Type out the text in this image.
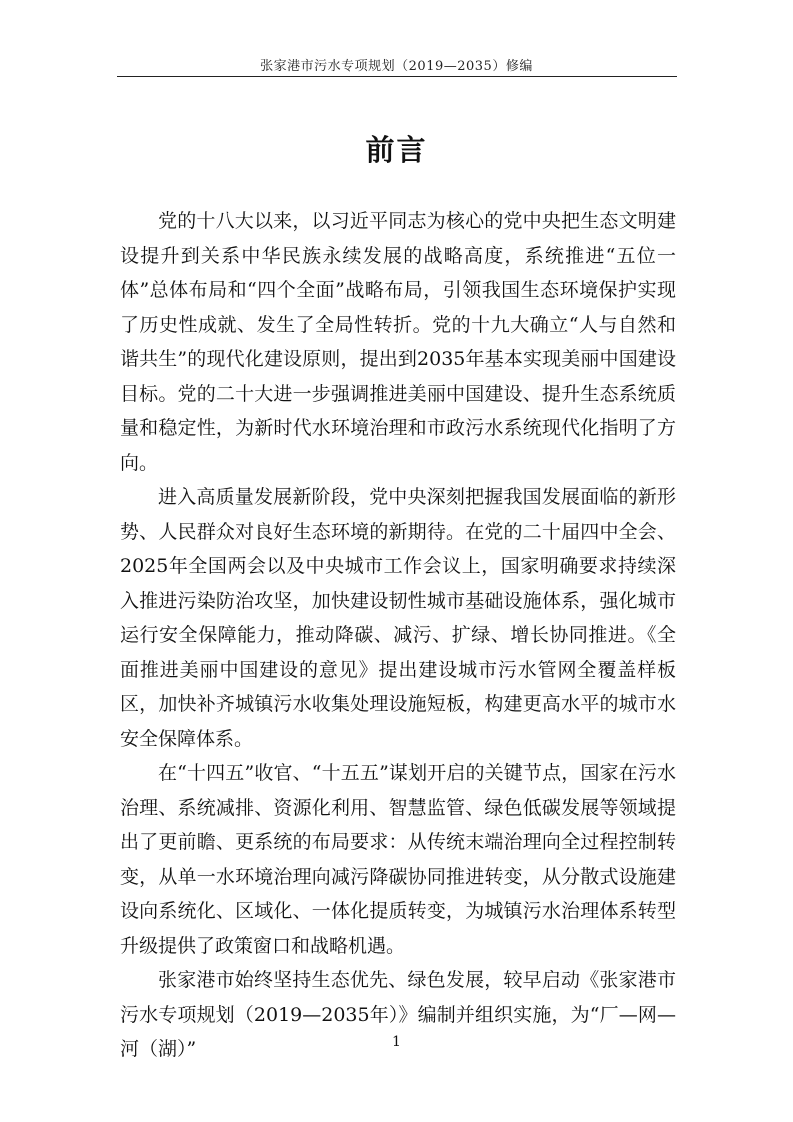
张家港市污水专项规划（2019—2035）修编
前言

党的十八大以来，以习近平同志为核心的党中央把生态文明建设提升到关系中华民族永续发展的战略高度，系统推进“五位一体”总体布局和“四个全面”战略布局，引领我国生态环境保护实现了历史性成就、发生了全局性转折。党的十九大确立“人与自然和谐共生”的现代化建设原则，提出到2035年基本实现美丽中国建设目标。党的二十大进一步强调推进美丽中国建设、提升生态系统质量和稳定性，为新时代水环境治理和市政污水系统现代化指明了方向。

进入高质量发展新阶段，党中央深刻把握我国发展面临的新形势、人民群众对良好生态环境的新期待。在党的二十届四中全会、2025年全国两会以及中央城市工作会议上，国家明确要求持续深入推进污染防治攻坚，加快建设韧性城市基础设施体系，强化城市运行安全保障能力，推动降碳、减污、扩绿、增长协同推进。《全面推进美丽中国建设的意见》提出建设城市污水管网全覆盖样板区，加快补齐城镇污水收集处理设施短板，构建更高水平的城市水安全保障体系。

在“十四五”收官、“十五五”谋划开启的关键节点，国家在污水治理、系统减排、资源化利用、智慧监管、绿色低碳发展等领域提出了更前瞻、更系统的布局要求：从传统末端治理向全过程控制转变，从单一水环境治理向减污降碳协同推进转变，从分散式设施建设向系统化、区域化、一体化提质转变，为城镇污水治理体系转型升级提供了政策窗口和战略机遇。

张家港市始终坚持生态优先、绿色发展，较早启动《张家港市污水专项规划（2019—2035年）》编制并组织实施，为“厂—网—河（湖）”	1
